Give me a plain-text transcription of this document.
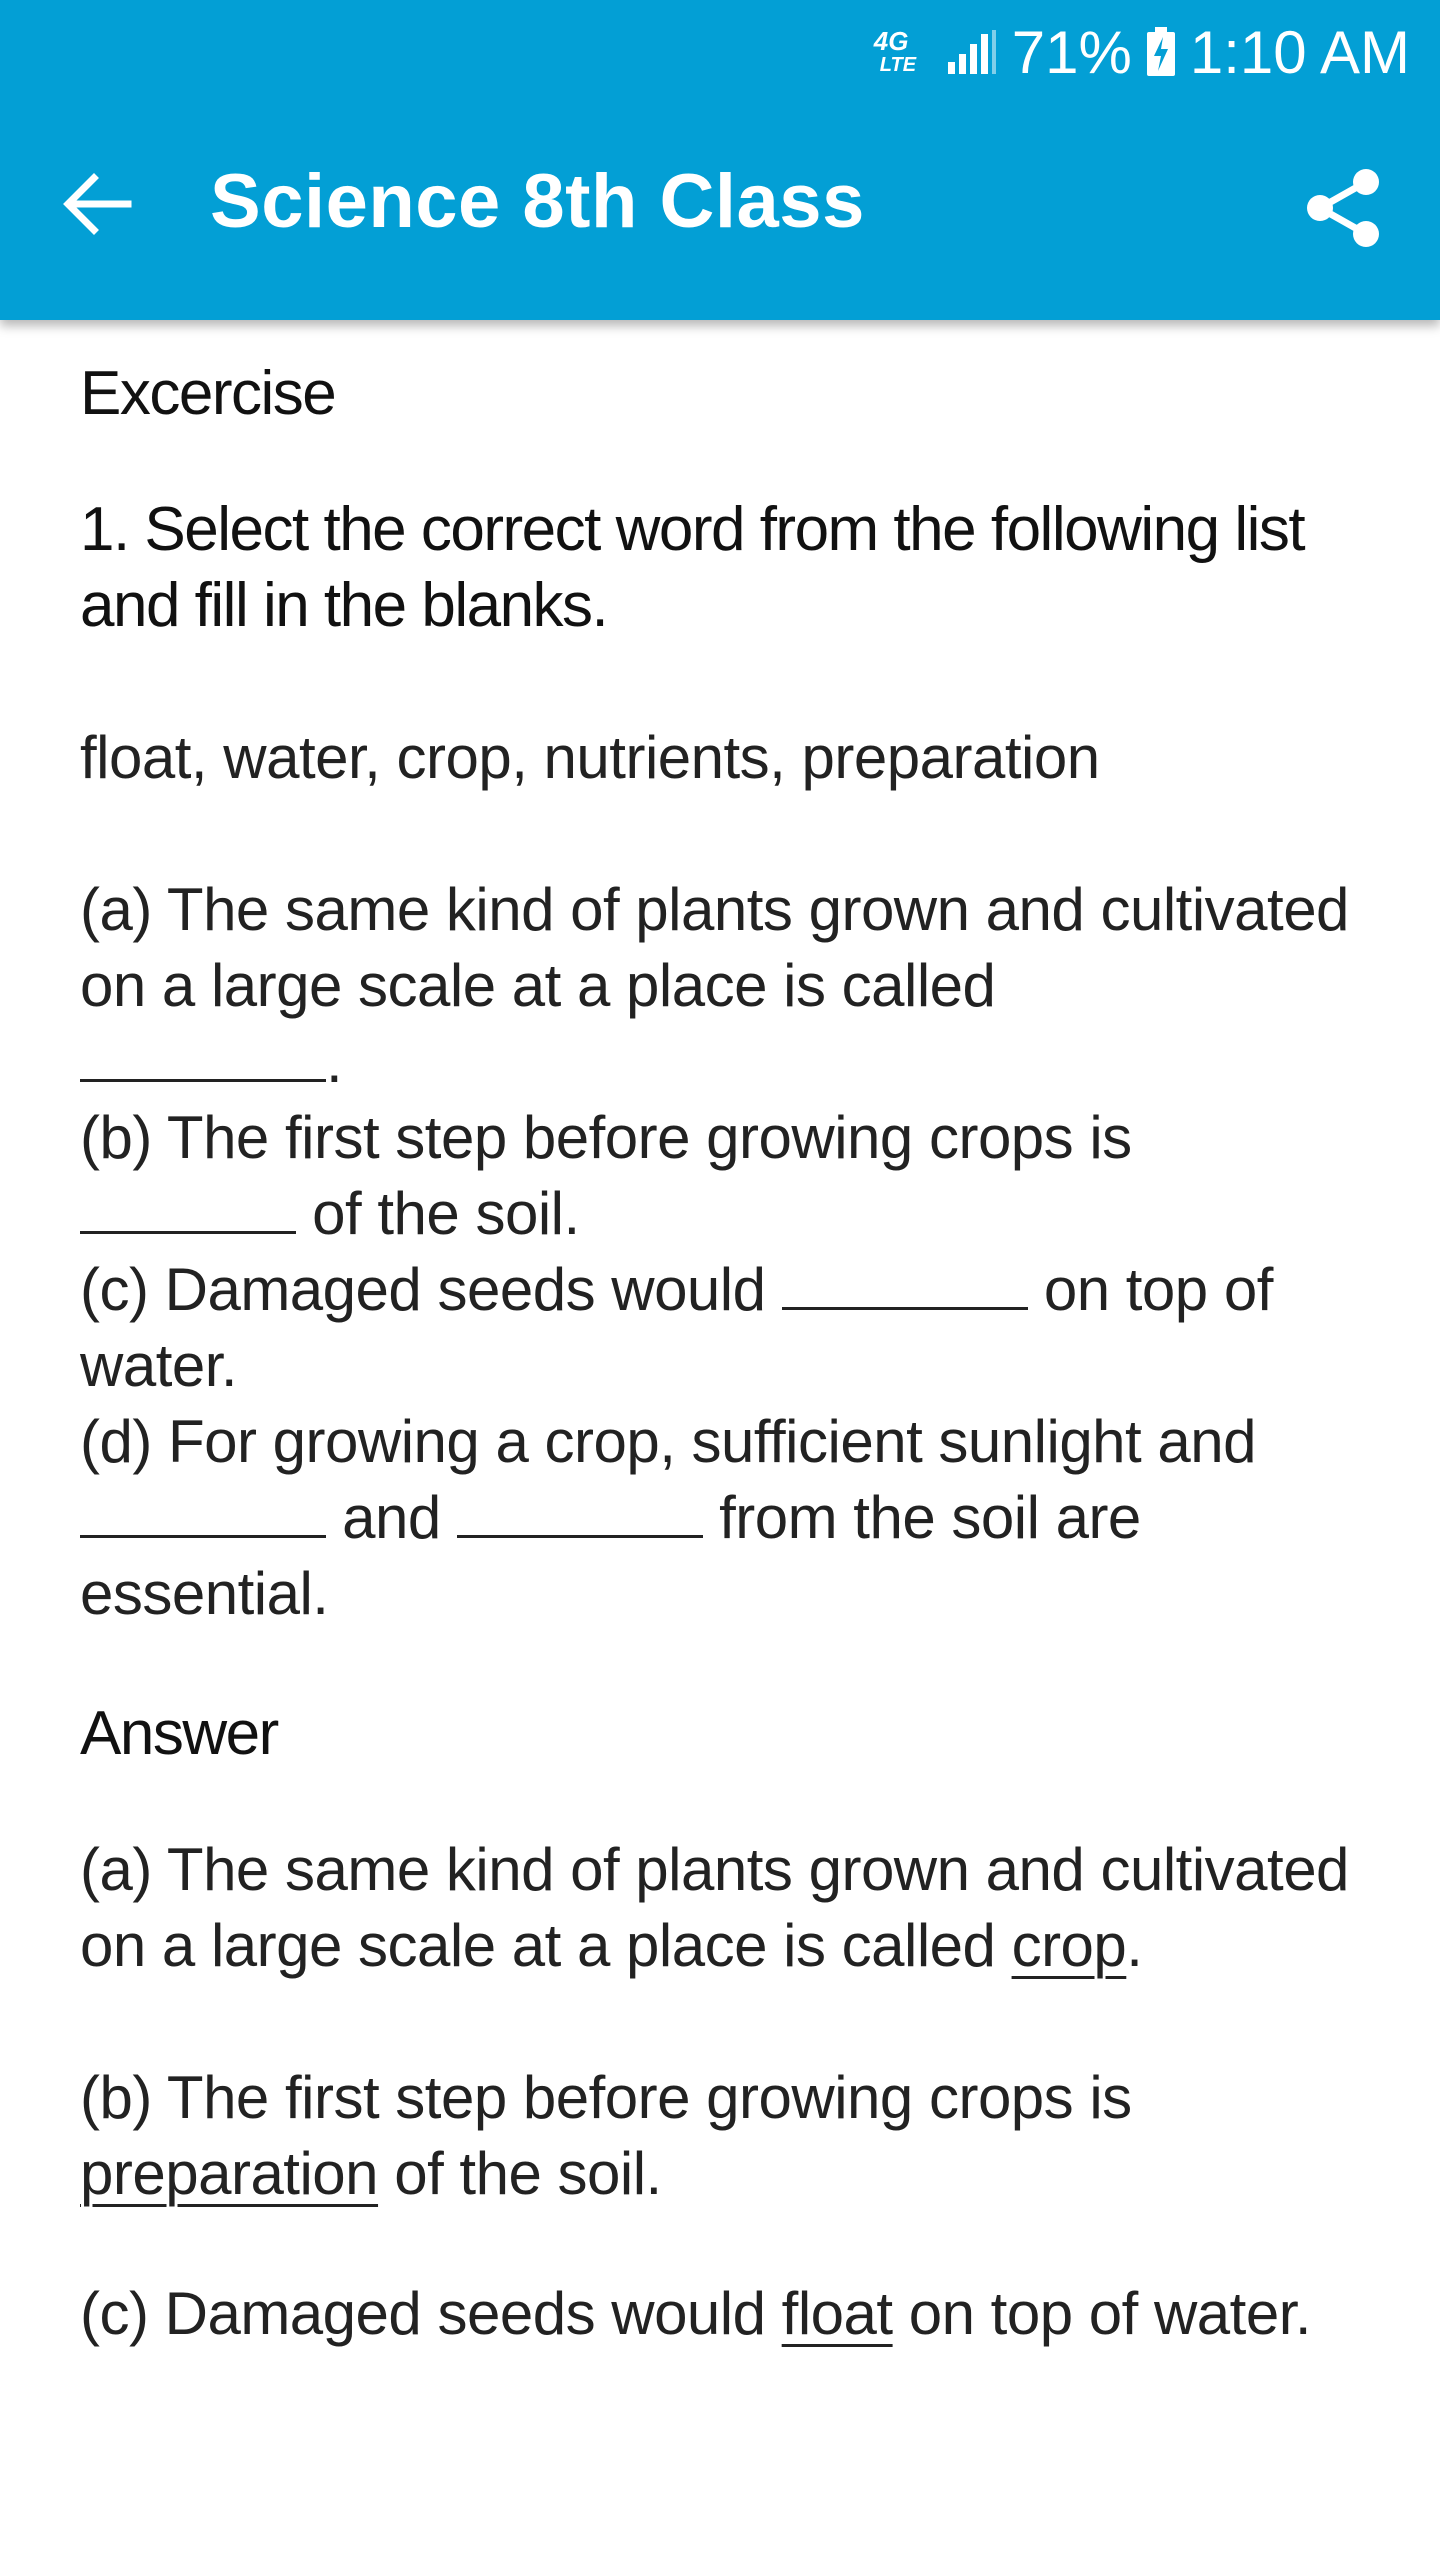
4G
LTE 71% 1:10 AM
Science 8th Class

Excercise

1. Select the correct word from the following list and fill in the blanks.

float, water, crop, nutrients, preparation

(a) The same kind of plants grown and cultivated on a large scale at a place is called
.

(b) The first step before growing crops is
of the soil.

(c) Damaged seeds would	on top of water.

(d) For growing a crop, sufficient sunlight and
and	from the soil are essential.

Answer

(a) The same kind of plants grown and cultivated on a large scale at a place is called crop.

(b) The first step before growing crops is preparation of the soil.

(c) Damaged seeds would float on top of water.
